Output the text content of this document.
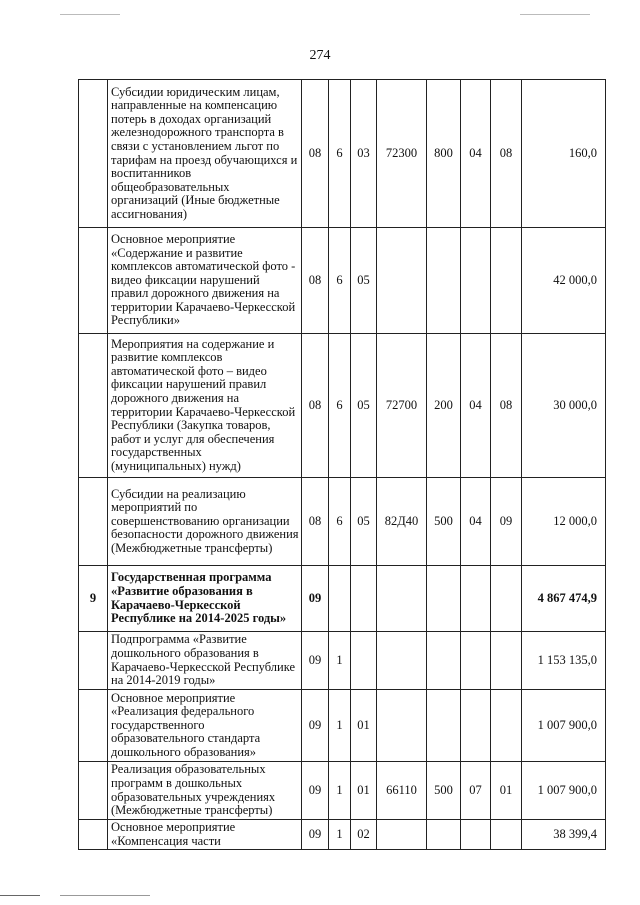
274
	Субсидии юридическим лицам, направленные на компенсацию потерь в доходах организаций железнодорожного транспорта в связи с установлением льгот по тарифам на проезд обучающихся и воспитанников общеобразовательных организаций (Иные бюджетные ассигнования)	08	6	03	72300	800	04	08	160,0
	Основное мероприятие «Содержание и развитие комплексов автоматической фото - видео фиксации нарушений правил дорожного движения на территории Карачаево-Черкесской Республики»	08	6	05					42 000,0
	Мероприятия на содержание и развитие комплексов автоматической фото – видео фиксации нарушений правил дорожного движения на территории Карачаево-Черкесской Республики (Закупка товаров, работ и услуг для обеспечения государственных (муниципальных) нужд)	08	6	05	72700	200	04	08	30 000,0
	Субсидии на реализацию мероприятий по совершенствованию организации безопасности дорожного движения (Межбюджетные трансферты)	08	6	05	82Д40	500	04	09	12 000,0
9	Государственная программа «Развитие образования в Карачаево-Черкесской Республике на 2014-2025 годы»	09							4 867 474,9
	Подпрограмма «Развитие дошкольного образования в Карачаево-Черкесской Республике на 2014-2019 годы»	09	1						1 153 135,0
	Основное мероприятие «Реализация федерального государственного образовательного стандарта дошкольного образования»	09	1	01					1 007 900,0
	Реализация образовательных программ в дошкольных образовательных учреждениях (Межбюджетные трансферты)	09	1	01	66110	500	07	01	1 007 900,0
	Основное мероприятие «Компенсация части	09	1	02					38 399,4
